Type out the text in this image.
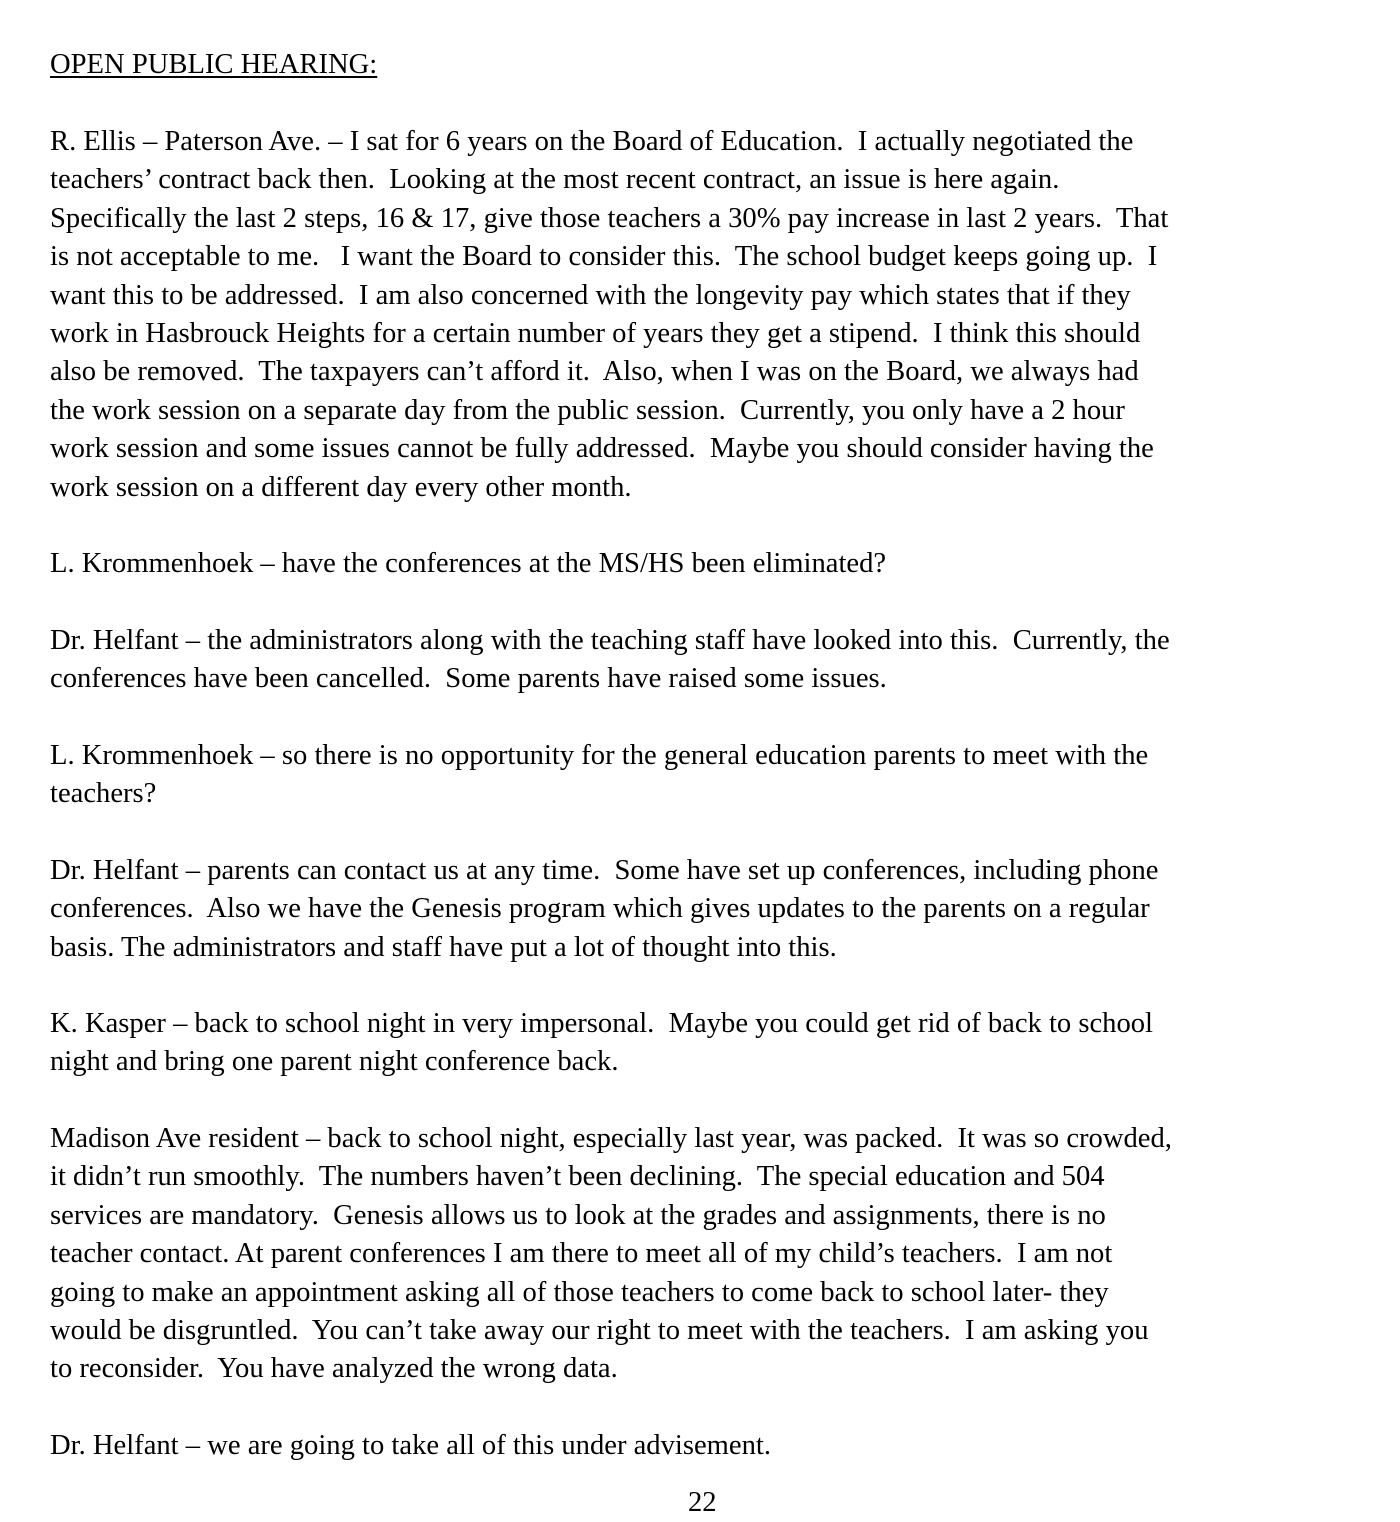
OPEN PUBLIC HEARING:

R. Ellis – Paterson Ave. – I sat for 6 years on the Board of Education.  I actually negotiated the
teachers’ contract back then.  Looking at the most recent contract, an issue is here again.
Specifically the last 2 steps, 16 & 17, give those teachers a 30% pay increase in last 2 years.  That
is not acceptable to me.   I want the Board to consider this.  The school budget keeps going up.  I
want this to be addressed.  I am also concerned with the longevity pay which states that if they
work in Hasbrouck Heights for a certain number of years they get a stipend.  I think this should
also be removed.  The taxpayers can’t afford it.  Also, when I was on the Board, we always had
the work session on a separate day from the public session.  Currently, you only have a 2 hour
work session and some issues cannot be fully addressed.  Maybe you should consider having the
work session on a different day every other month.

L. Krommenhoek – have the conferences at the MS/HS been eliminated?

Dr. Helfant – the administrators along with the teaching staff have looked into this.  Currently, the
conferences have been cancelled.  Some parents have raised some issues.

L. Krommenhoek – so there is no opportunity for the general education parents to meet with the
teachers?

Dr. Helfant – parents can contact us at any time.  Some have set up conferences, including phone
conferences.  Also we have the Genesis program which gives updates to the parents on a regular
basis. The administrators and staff have put a lot of thought into this.

K. Kasper – back to school night in very impersonal.  Maybe you could get rid of back to school
night and bring one parent night conference back.

Madison Ave resident – back to school night, especially last year, was packed.  It was so crowded,
it didn’t run smoothly.  The numbers haven’t been declining.  The special education and 504
services are mandatory.  Genesis allows us to look at the grades and assignments, there is no
teacher contact. At parent conferences I am there to meet all of my child’s teachers.  I am not
going to make an appointment asking all of those teachers to come back to school later- they
would be disgruntled.  You can’t take away our right to meet with the teachers.  I am asking you
to reconsider.  You have analyzed the wrong data.

Dr. Helfant – we are going to take all of this under advisement.

22
